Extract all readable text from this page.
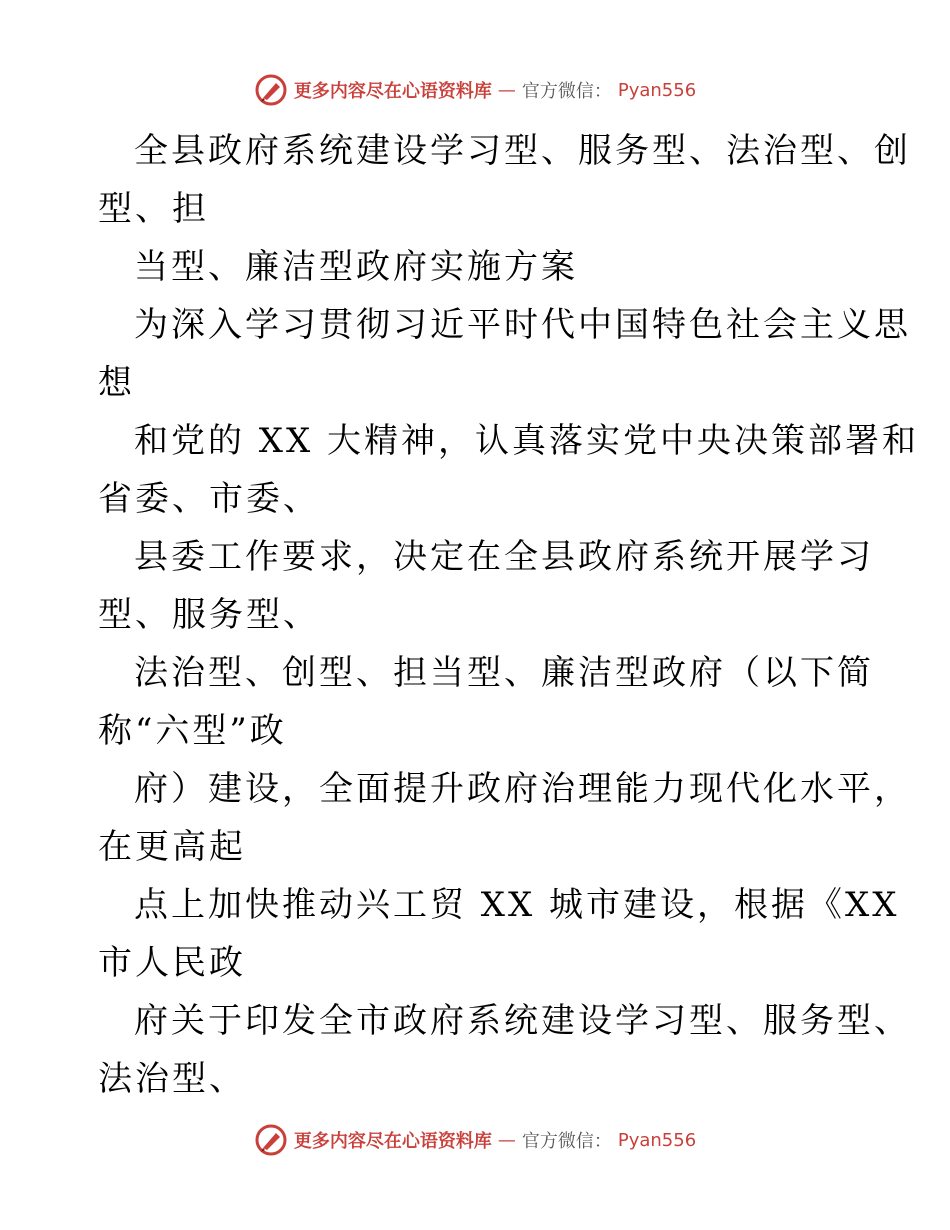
更多内容尽在心语资料库 — 官方微信： Pyan556
全县政府系统建设学习型、服务型、法治型、创
型、担
当型、廉洁型政府实施方案
为深入学习贯彻习近平时代中国特色社会主义思
想
和党的 XX 大精神，认真落实党中央决策部署和
省委、市委、
县委工作要求，决定在全县政府系统开展学习
型、服务型、
法治型、创型、担当型、廉洁型政府（以下简
称“六型”政
府）建设，全面提升政府治理能力现代化水平，
在更高起
点上加快推动兴工贸 XX 城市建设，根据《XX
市人民政
府关于印发全市政府系统建设学习型、服务型、
法治型、
更多内容尽在心语资料库 — 官方微信： Pyan556
